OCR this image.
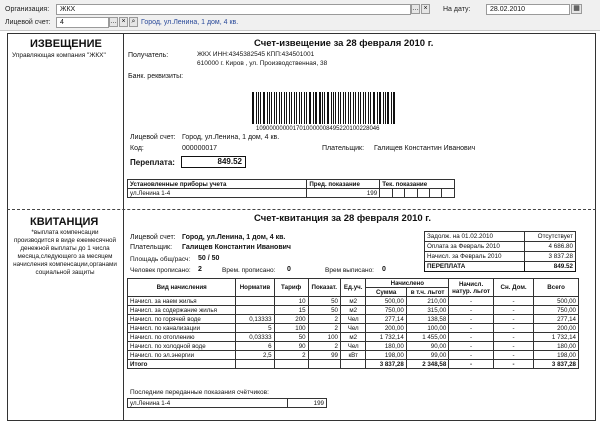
Организация:	ЖКХ	… ×
Лицевой счет:	4	… × ⌕ Город, ул.Ленина, 1 дом, 4 кв.
На дату:	28.02.2010	▦
ИЗВЕЩЕНИЕ
Управляющая компания "ЖКХ"
Счет-извещение за 28 февраля 2010 г.
Получатель:	ЖКХ ИНН:4345382545 КПП:434501001
610000 г. Киров , ул. Производственная, 38
Банк. реквизиты:
1090000000017010000008495220100228046
Лицевой счет: Город, ул.Ленина, 1 дом, 4 кв.
Код:	000000017	Плательщик: Галищев Константин Иванович
Переплата:	849.52
Установленные приборы учета	Пред. показание	Тек. показание					
ул.Ленина 1-4	199						
КВИТАНЦИЯ
*выплата компенсации производится в виде ежемесячной денежной выплаты до 1 числа месяца,следующего за месяцем начисления компенсации,органами социальной защиты
Счет-квитанция за 28 февраля 2010 г.
Лицевой счет: Город, ул.Ленина, 1 дом, 4 кв.
Плательщик: Галищев Константин Иванович
Площадь общ/расч: 50 / 50
Человек прописано: 2	Врем. прописано: 0	Врем выписано: 0
Задолж. на 01.02.2010	Отсутствует
Оплата за Февраль 2010	4 686.80
Начисл. за Февраль 2010	3 837.28
ПЕРЕПЛАТА	849.52
Вид начисления	Норматив	Тариф	Показат.	Ед.уч.	Начислено		Начисл. натур. льгот	Сн. Дом.	Всего
					Сумма	в т.ч. льгот			
Начисл. за наем жилья		10	50	м2	500,00	210,00	-	-	500,00
Начисл. за содержание жилья		15	50	м2	750,00	315,00	-	-	750,00
Начисл. по горячей воде	0,13333	200	2	Чел	277,14	138,58	-	-	277,14
Начисл. по канализации	5	100	2	Чел	200,00	100,00	-	-	200,00
Начисл. по отоплению	0,03333	50	100	м2	1 732,14	1 455,00	-	-	1 732,14
Начисл. по холодной воде	6	90	2	Чел	180,00	90,00	-	-	180,00
Начисл. по эл.энергии	2,5	2	99	кВт	198,00	99,00	-	-	198,00
Итого					3 837,28	2 348,58	-	-	3 837,28
Последние переданные показания счётчиков:
ул.Ленина 1-4	199
